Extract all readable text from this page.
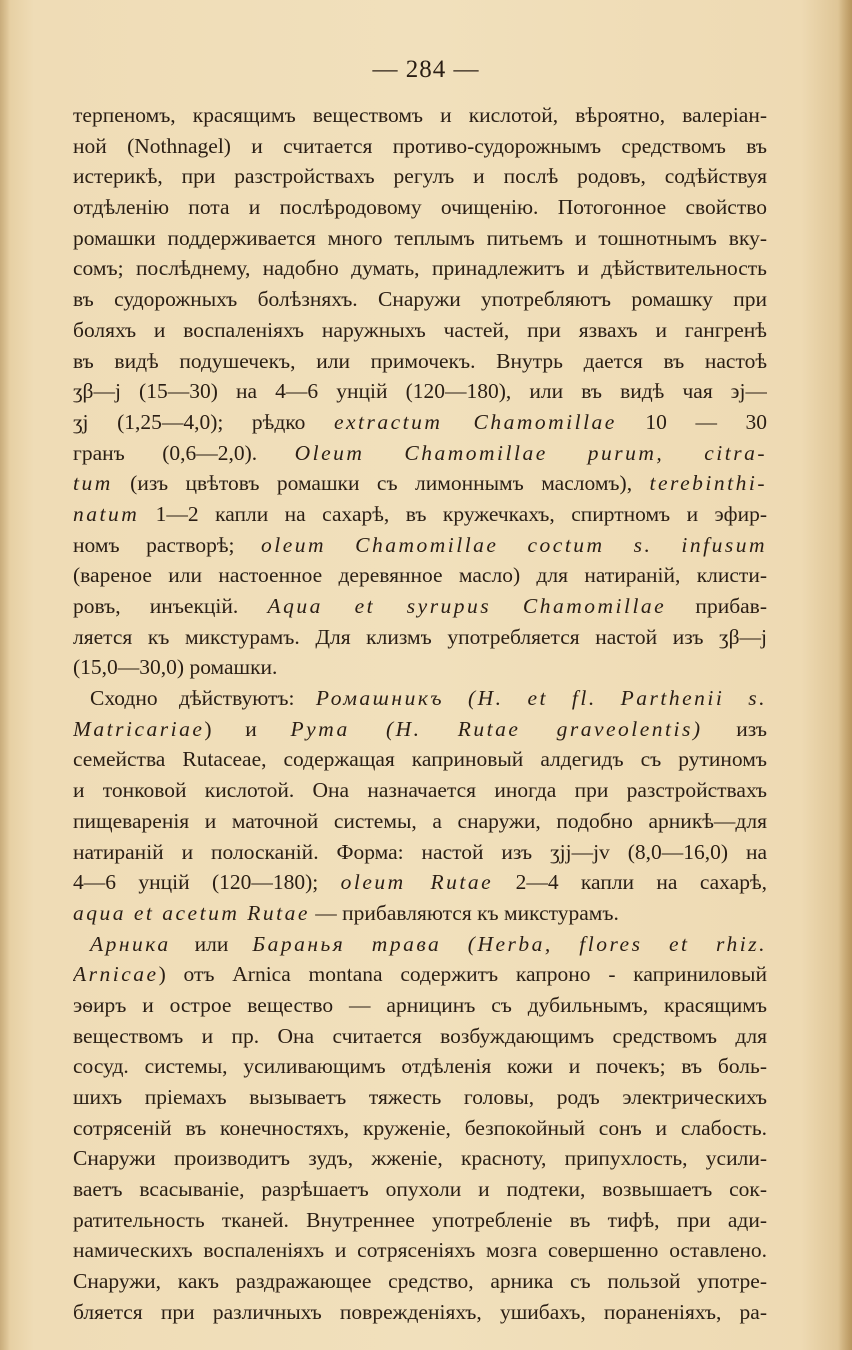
— 284 —
терпеномъ, красящимъ веществомъ и кислотой, вѣроятно, валеріан-
ной (Nothnagel) и считается противо-судорожнымъ средствомъ въ
истерикѣ, при разстройствахъ регулъ и послѣ родовъ, содѣйствуя
отдѣленію пота и послѣродовому очищенію. Потогонное свойство
ромашки поддерживается много теплымъ питьемъ и тошнотнымъ вку-
сомъ; послѣднему, надобно думать, принадлежитъ и дѣйствительность
въ судорожныхъ болѣзняхъ. Снаружи употребляютъ ромашку при
боляхъ и воспаленіяхъ наружныхъ частей, при язвахъ и гангренѣ
въ видѣ подушечекъ, или примочекъ. Внутрь дается въ настоѣ
ʒβ—j (15—30) на 4—6 унцій (120—180), или въ видѣ чая ϶j—
ʒj (1,25—4,0); рѣдко extractum Chamomillae 10 — 30
гранъ (0,6—2,0). Oleum Chamomillae purum, citra-
tum (изъ цвѣтовъ ромашки съ лимоннымъ масломъ), terebinthi-
natum 1—2 капли на сахарѣ, въ кружечкахъ, спиртномъ и эфир-
номъ растворѣ; oleum Chamomillae coctum s. infusum
(вареное или настоенное деревянное масло) для натираній, клисти-
ровъ, инъекцій. Aqua et syrupus Chamomillae прибав-
ляется къ микстурамъ. Для клизмъ употребляется настой изъ ʒβ—j
(15,0—30,0) ромашки.
Сходно дѣйствуютъ: Ромашникъ (H. et fl. Parthenii s.
Matricariae) и Рута (H. Rutae graveolentis) изъ
семейства Rutaceae, содержащая каприновый алдегидъ съ рутиномъ
и тонковой кислотой. Она назначается иногда при разстройствахъ
пищеваренія и маточной системы, а снаружи, подобно арникѣ—для
натираній и полосканій. Форма: настой изъ ʒjj—jv (8,0—16,0) на
4—6 унцій (120—180); oleum Rutae 2—4 капли на сахарѣ,
aqua et acetum Rutae — прибавляются къ микстурамъ.
Арника или Баранья трава (Herba, flores et rhiz.
Arnicae) отъ Arnica montana содержитъ капроно - каприниловый
эѳиръ и острое вещество — арницинъ съ дубильнымъ, красящимъ
веществомъ и пр. Она считается возбуждающимъ средствомъ для
сосуд. системы, усиливающимъ отдѣленія кожи и почекъ; въ боль-
шихъ пріемахъ вызываетъ тяжесть головы, родъ электрическихъ
сотрясеній въ конечностяхъ, круженіе, безпокойный сонъ и слабость.
Снаружи производитъ зудъ, жженіе, красноту, припухлость, усили-
ваетъ всасываніе, разрѣшаетъ опухоли и подтеки, возвышаетъ сок-
ратительность тканей. Внутреннее употребленіе въ тифѣ, при ади-
намическихъ воспаленіяхъ и сотрясеніяхъ мозга совершенно оставлено.
Снаружи, какъ раздражающее средство, арника съ пользой употре-
бляется при различныхъ поврежденіяхъ, ушибахъ, пораненіяхъ, ра-
